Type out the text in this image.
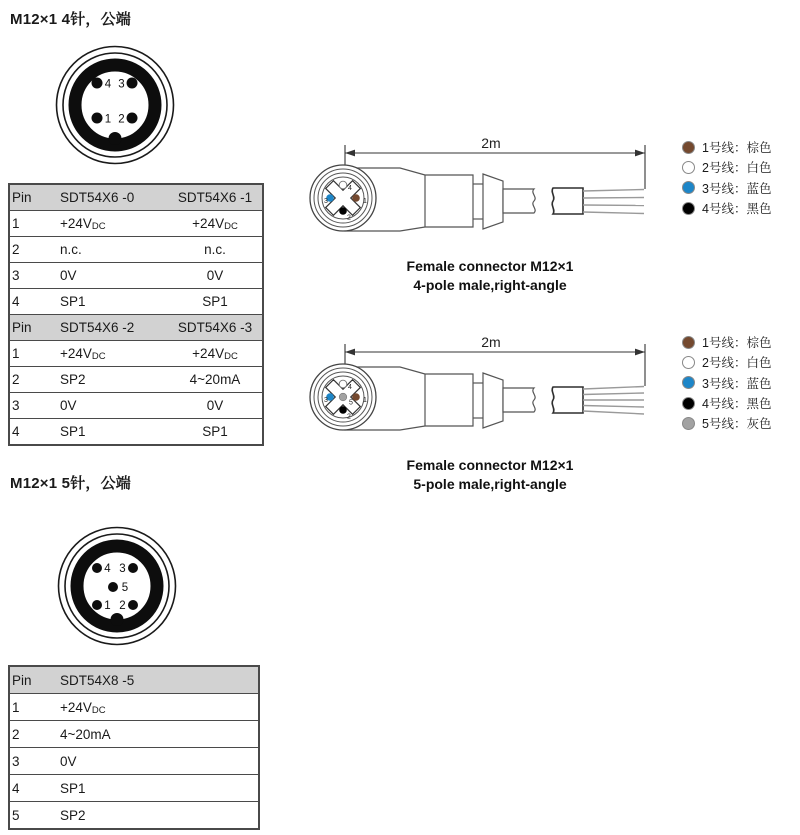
M12×1 4针，公端
M12×1 5针，公端
4 3
1 2
4 3
5
1 2
Pin	SDT54X6 -0	SDT54X6 -1
1	$+24V_{DC}$	$+24V_{DC}$
2	n.c.	n.c.
3	0V	0V
4	SP1	SP1
Pin	SDT54X6 -2	SDT54X6 -3
1	$+24V_{DC}$	$+24V_{DC}$
2	SP2	4~20mA
3	0V	0V
4	SP1	SP1
Pin	SDT54X8 -5
1	$+24V_{DC}$
2	4~20mA
3	0V
4	SP1
5	SP2
2m
4
3	1
2
Female connector M12×1
4-pole male,right-angle
2m
4
3	5 1
2
Female connector M12×1
5-pole male,right-angle
1号线：棕色
2号线：白色
3号线：蓝色
4号线：黑色
1号线：棕色
2号线：白色
3号线：蓝色
4号线：黑色
5号线：灰色
